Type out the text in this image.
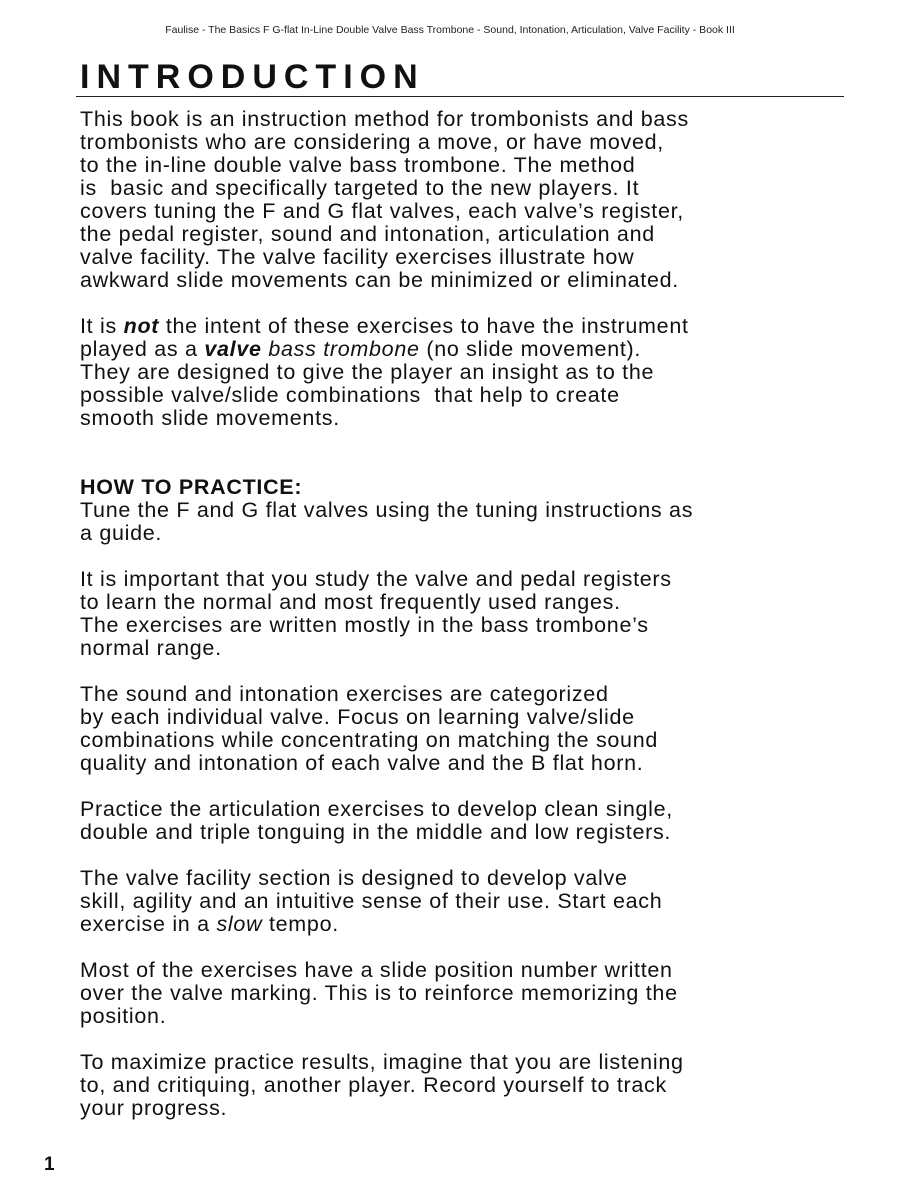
Faulise - The Basics F G-flat In-Line Double Valve Bass Trombone - Sound, Intonation, Articulation, Valve Facility - Book III
INTRODUCTION

This book is an instruction method for trombonists and bass
trombonists who are considering a move, or have moved,
to the in-line double valve bass trombone. The method
is  basic and specifically targeted to the new players. It
covers tuning the F and G flat valves, each valve’s register,
the pedal register, sound and intonation, articulation and
valve facility. The valve facility exercises illustrate how
awkward slide movements can be minimized or eliminated.

It is not the intent of these exercises to have the instrument
played as a valve bass trombone (no slide movement).
They are designed to give the player an insight as to the
possible valve/slide combinations  that help to create
smooth slide movements.

HOW TO PRACTICE:

Tune the F and G flat valves using the tuning instructions as
a guide.

It is important that you study the valve and pedal registers
to learn the normal and most frequently used ranges.
The exercises are written mostly in the bass trombone’s
normal range.

The sound and intonation exercises are categorized
by each individual valve. Focus on learning valve/slide
combinations while concentrating on matching the sound
quality and intonation of each valve and the B flat horn.

Practice the articulation exercises to develop clean single,
double and triple tonguing in the middle and low registers.

The valve facility section is designed to develop valve
skill, agility and an intuitive sense of their use. Start each
exercise in a slow tempo.

Most of the exercises have a slide position number written
over the valve marking. This is to reinforce memorizing the
position.

To maximize practice results, imagine that you are listening
to, and critiquing, another player. Record yourself to track
your progress.

1
